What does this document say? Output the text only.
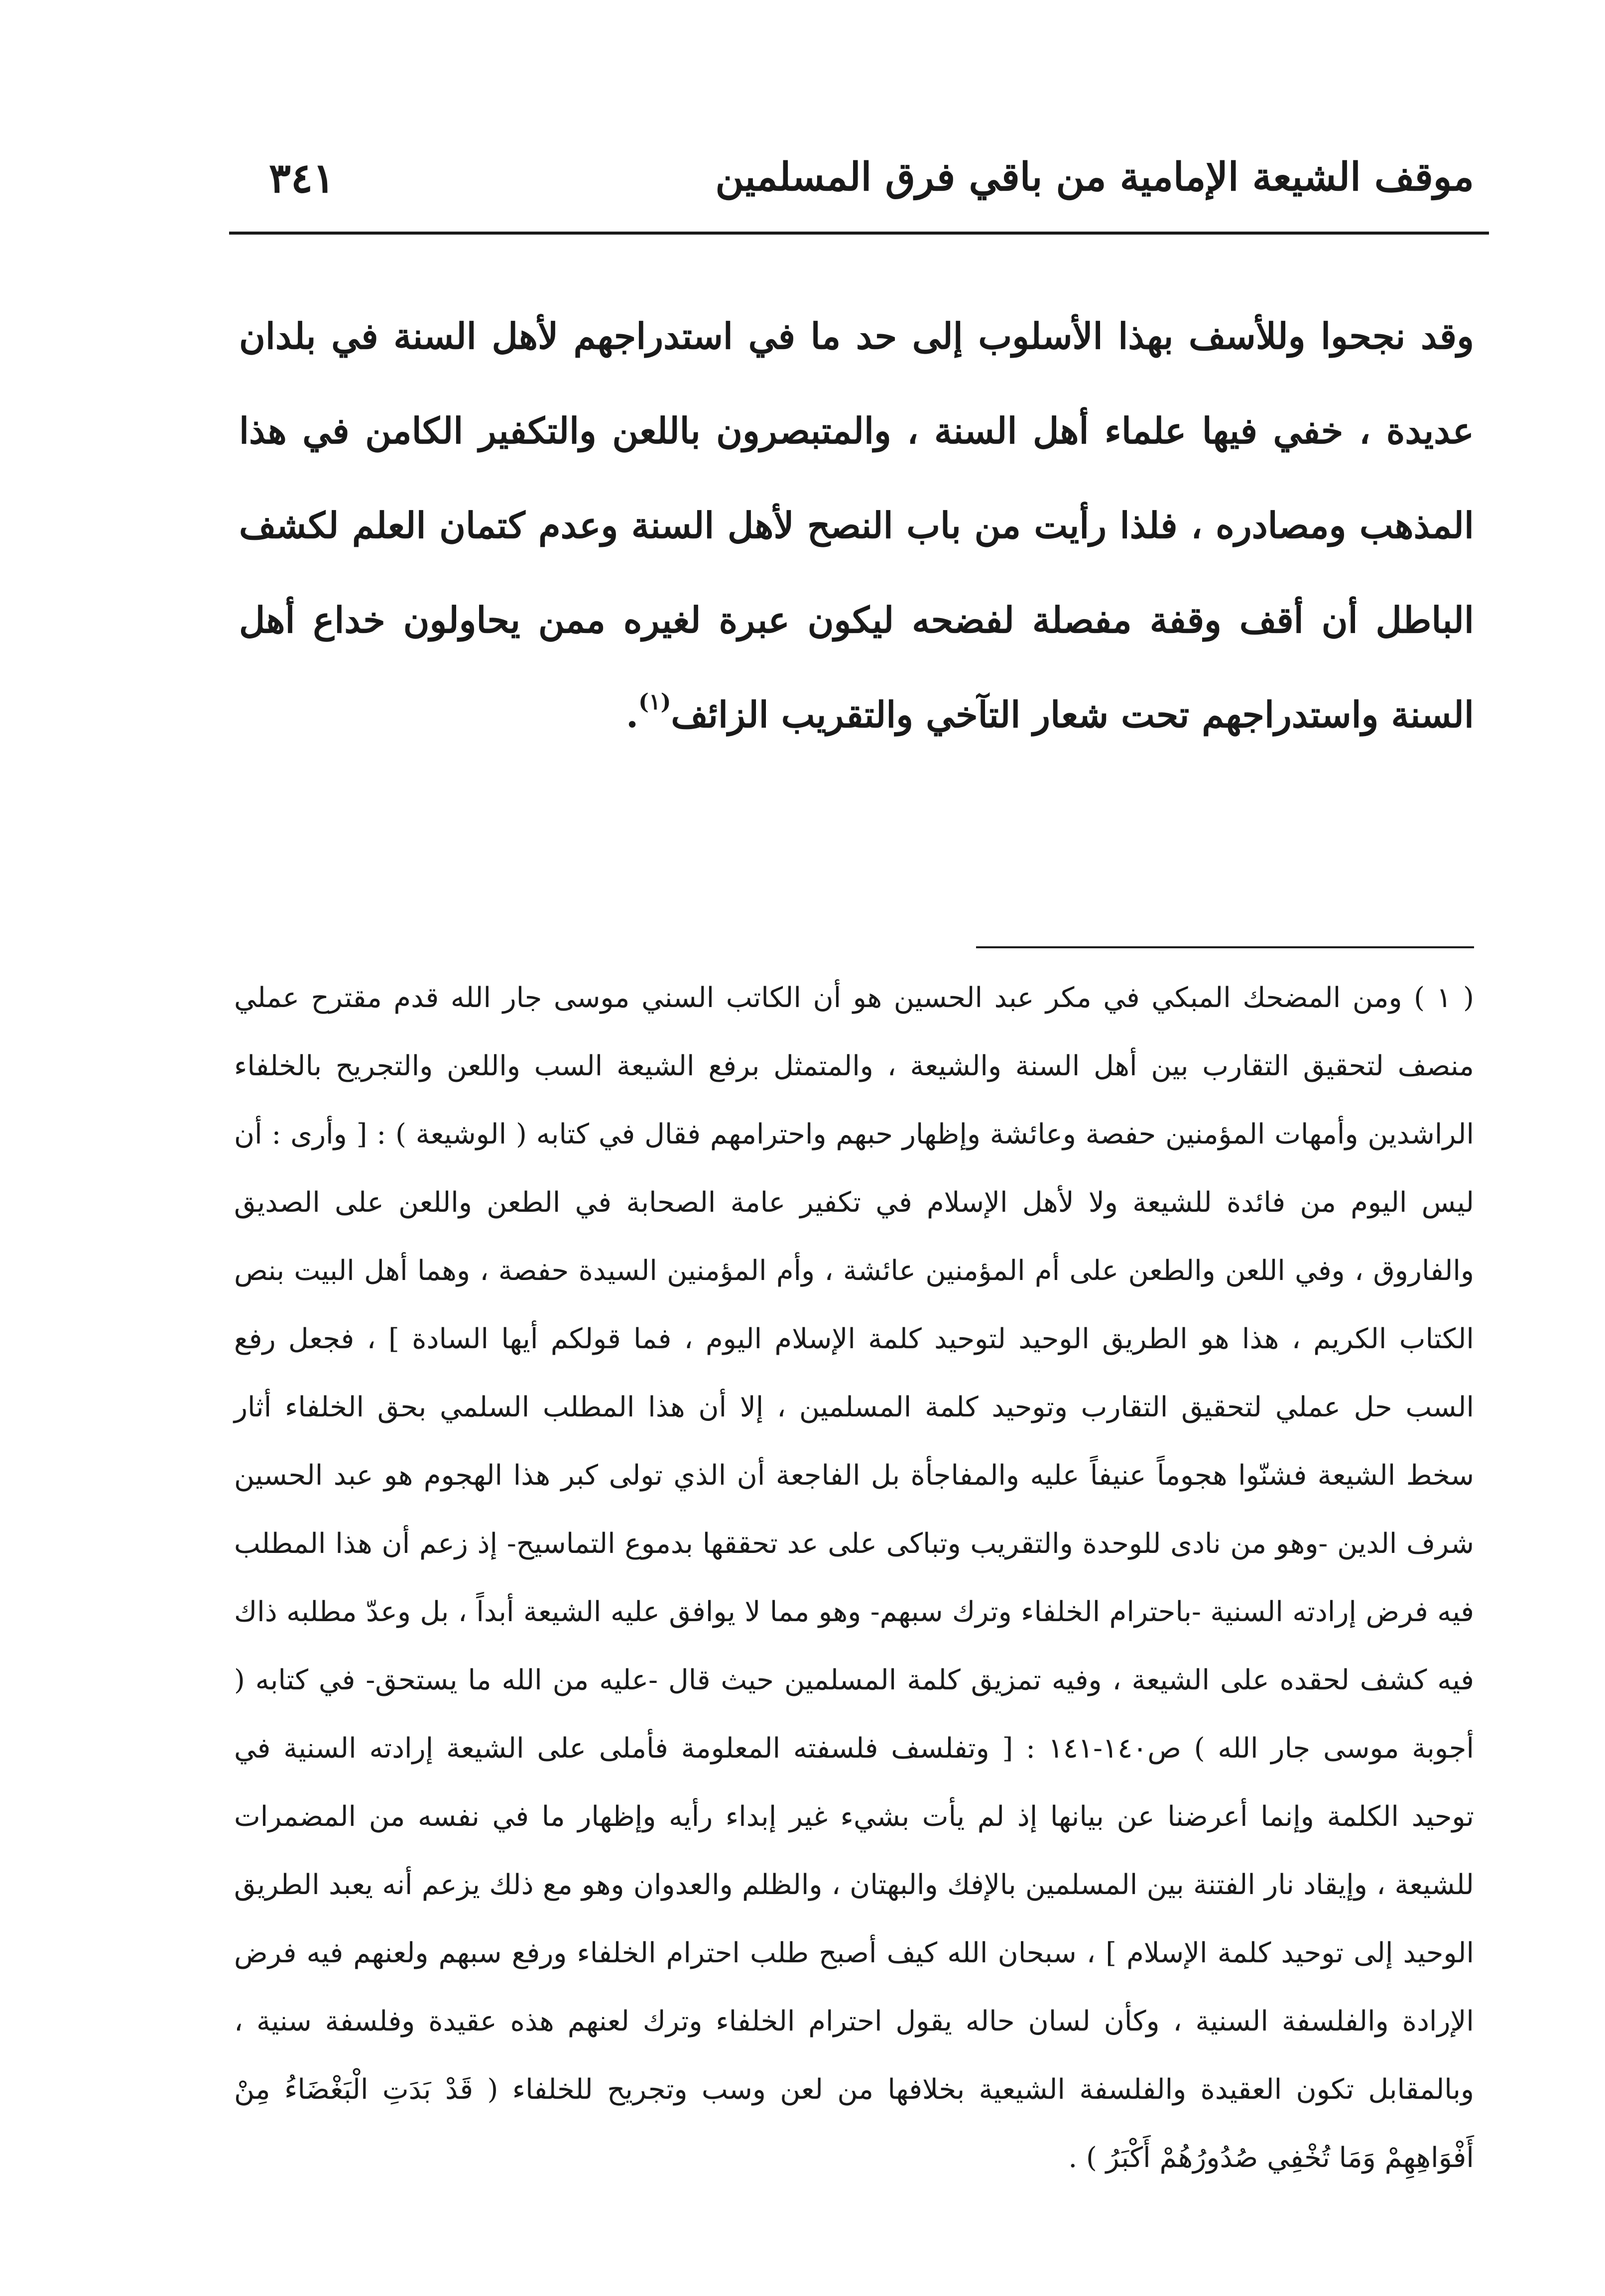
موقف الشيعة الإمامية من باقي فرق المسلمين
٣٤١

وقد نجحوا وللأسف بهذا الأسلوب إلى حد ما في استدراجهم لأهل السنة في بلدان عديدة ، خفي فيها علماء أهل السنة ، والمتبصرون باللعن والتكفير الكامن في هذا المذهب ومصادره ، فلذا رأيت من باب النصح لأهل السنة وعدم كتمان العلم لكشف الباطل أن أقف وقفة مفصلة لفضحه ليكون عبرة لغيره ممن يحاولون خداع أهل السنة واستدراجهم تحت شعار التآخي والتقريب الزائف$^{(١)}$.

( ١ ) ومن المضحك المبكي في مكر عبد الحسين هو أن الكاتب السني موسى جار الله قدم مقترح عملي منصف لتحقيق التقارب بين أهل السنة والشيعة ، والمتمثل برفع الشيعة السب واللعن والتجريح بالخلفاء الراشدين وأمهات المؤمنين حفصة وعائشة وإظهار حبهم واحترامهم فقال في كتابه ( الوشيعة ) : [ وأرى : أن ليس اليوم من فائدة للشيعة ولا لأهل الإسلام في تكفير عامة الصحابة في الطعن واللعن على الصديق والفاروق ، وفي اللعن والطعن على أم المؤمنين عائشة ، وأم المؤمنين السيدة حفصة ، وهما أهل البيت بنص الكتاب الكريم ، هذا هو الطريق الوحيد لتوحيد كلمة الإسلام اليوم ، فما قولكم أيها السادة ] ، فجعل رفع السب حل عملي لتحقيق التقارب وتوحيد كلمة المسلمين ، إلا أن هذا المطلب السلمي بحق الخلفاء أثار سخط الشيعة فشنّوا هجوماً عنيفاً عليه والمفاجأة بل الفاجعة أن الذي تولى كبر هذا الهجوم هو عبد الحسين شرف الدين -وهو من نادى للوحدة والتقريب وتباكى على عد تحققها بدموع التماسيح- إذ زعم أن هذا المطلب فيه فرض إرادته السنية -باحترام الخلفاء وترك سبهم- وهو مما لا يوافق عليه الشيعة أبداً ، بل وعدّ مطلبه ذاك فيه كشف لحقده على الشيعة ، وفيه تمزيق كلمة المسلمين حيث قال -عليه من الله ما يستحق- في كتابه ( أجوبة موسى جار الله ) ص١٤٠-١٤١ : [ وتفلسف فلسفته المعلومة فأملى على الشيعة إرادته السنية في توحيد الكلمة وإنما أعرضنا عن بيانها إذ لم يأت بشيء غير إبداء رأيه وإظهار ما في نفسه من المضمرات للشيعة ، وإيقاد نار الفتنة بين المسلمين بالإفك والبهتان ، والظلم والعدوان وهو مع ذلك يزعم أنه يعبد الطريق الوحيد إلى توحيد كلمة الإسلام ] ، سبحان الله كيف أصبح طلب احترام الخلفاء ورفع سبهم ولعنهم فيه فرض الإرادة والفلسفة السنية ، وكأن لسان حاله يقول احترام الخلفاء وترك لعنهم هذه عقيدة وفلسفة سنية ، وبالمقابل تكون العقيدة والفلسفة الشيعية بخلافها من لعن وسب وتجريح للخلفاء ( قَدْ بَدَتِ الْبَغْضَاءُ مِنْ أَفْوَاهِهِمْ وَمَا تُخْفِي صُدُورُهُمْ أَكْبَرُ ) .
